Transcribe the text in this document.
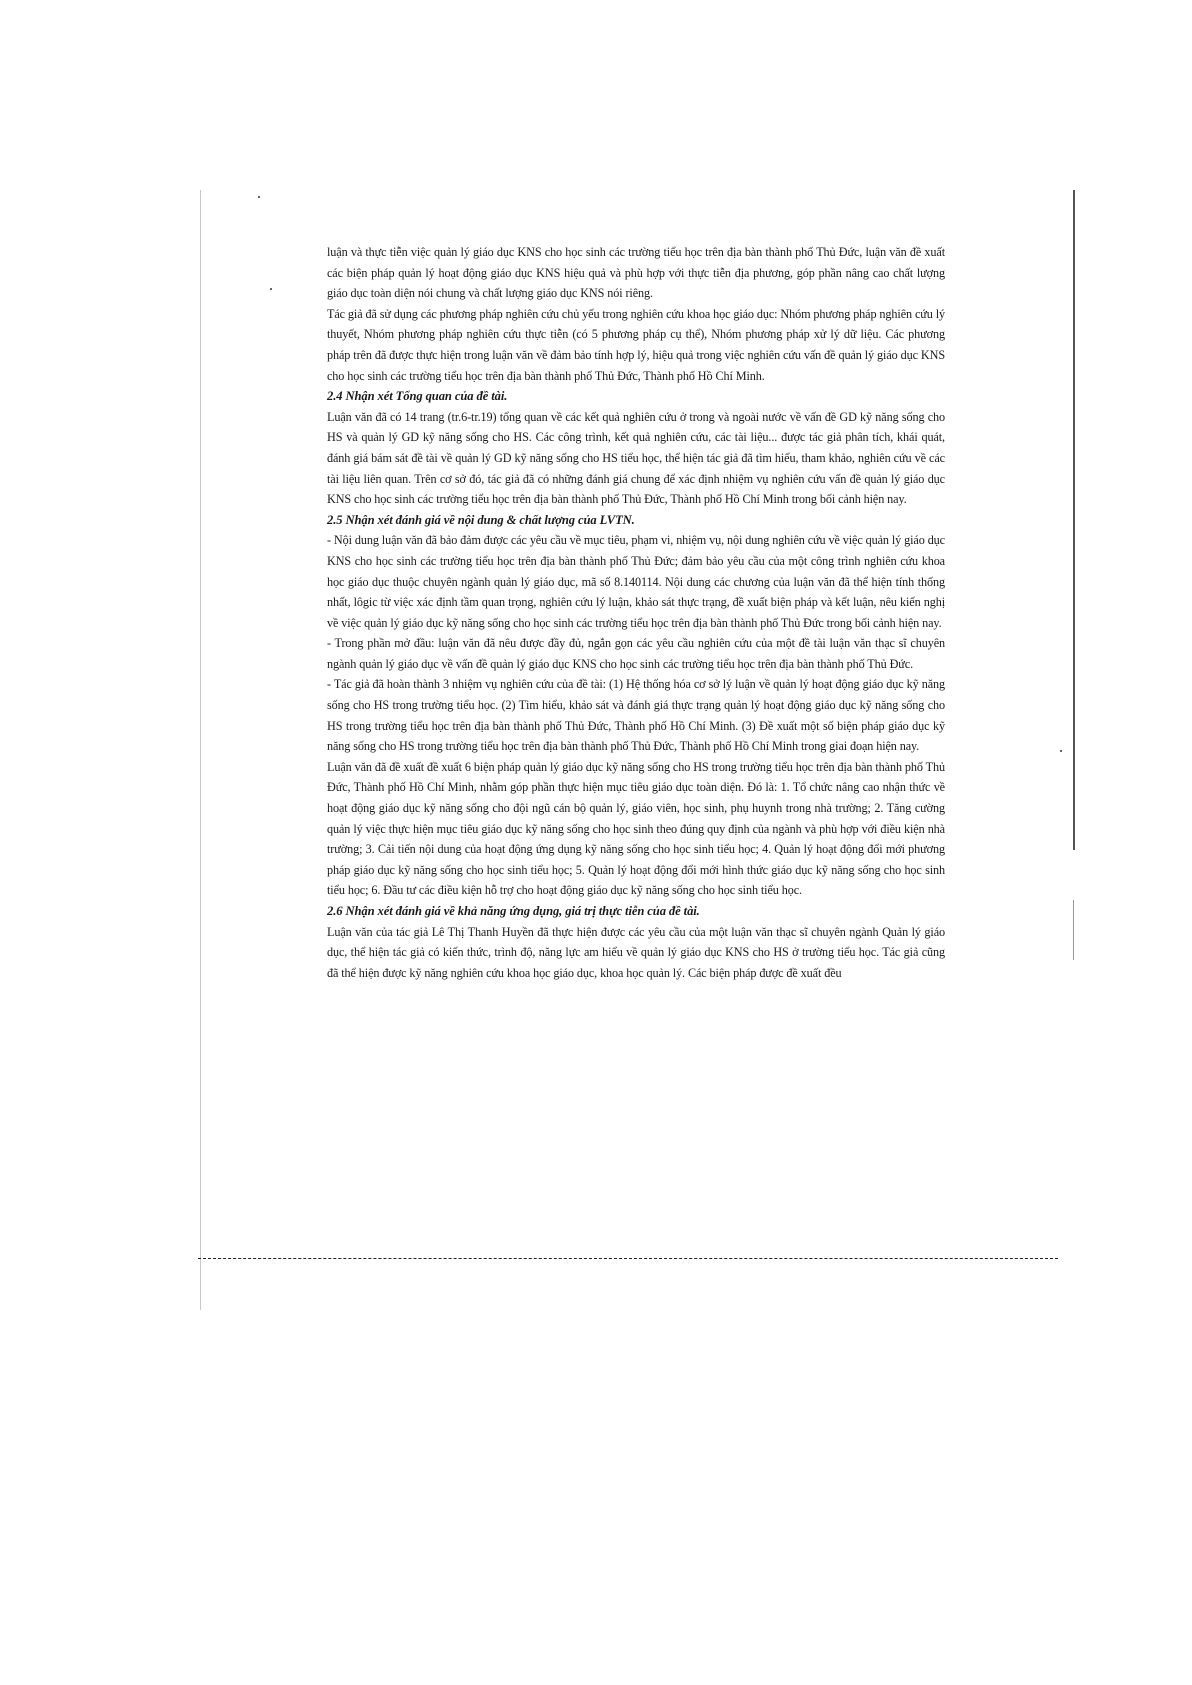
luận và thực tiễn việc quản lý giáo dục KNS cho học sinh các trường tiểu học trên địa bàn thành phố Thủ Đức, luận văn đề xuất các biện pháp quản lý hoạt động giáo dục KNS hiệu quả và phù hợp với thực tiễn địa phương, góp phần nâng cao chất lượng giáo dục toàn diện nói chung và chất lượng giáo dục KNS nói riêng.

Tác giả đã sử dụng các phương pháp nghiên cứu chủ yếu trong nghiên cứu khoa học giáo dục: Nhóm phương pháp nghiên cứu lý thuyết, Nhóm phương pháp nghiên cứu thực tiễn (có 5 phương pháp cụ thể), Nhóm phương pháp xử lý dữ liệu. Các phương pháp trên đã được thực hiện trong luận văn về đảm bảo tính hợp lý, hiệu quả trong việc nghiên cứu vấn đề quản lý giáo dục KNS cho học sinh các trường tiểu học trên địa bàn thành phố Thủ Đức, Thành phố Hồ Chí Minh.

2.4 Nhận xét Tổng quan của đề tài.

Luận văn đã có 14 trang (tr.6-tr.19) tổng quan về các kết quả nghiên cứu ở trong và ngoài nước về vấn đề GD kỹ năng sống cho HS và quản lý GD kỹ năng sống cho HS. Các công trình, kết quả nghiên cứu, các tài liệu... được tác giả phân tích, khái quát, đánh giá bám sát đề tài về quản lý GD kỹ năng sống cho HS tiểu học, thể hiện tác giả đã tìm hiểu, tham khảo, nghiên cứu về các tài liệu liên quan. Trên cơ sở đó, tác giả đã có những đánh giá chung để xác định nhiệm vụ nghiên cứu vấn đề quản lý giáo dục KNS cho học sinh các trường tiểu học trên địa bàn thành phố Thủ Đức, Thành phố Hồ Chí Minh trong bối cảnh hiện nay.

2.5 Nhận xét đánh giá về nội dung & chất lượng của LVTN.

- Nội dung luận văn đã bảo đảm được các yêu cầu về mục tiêu, phạm vi, nhiệm vụ, nội dung nghiên cứu về việc quản lý giáo dục KNS cho học sinh các trường tiểu học trên địa bàn thành phố Thủ Đức; đảm bảo yêu cầu của một công trình nghiên cứu khoa học giáo dục thuộc chuyên ngành quản lý giáo dục, mã số 8.140114. Nội dung các chương của luận văn đã thể hiện tính thống nhất, lôgic từ việc xác định tầm quan trọng, nghiên cứu lý luận, khảo sát thực trạng, đề xuất biện pháp và kết luận, nêu kiến nghị về việc quản lý giáo dục kỹ năng sống cho học sinh các trường tiểu học trên địa bàn thành phố Thủ Đức trong bối cảnh hiện nay.

- Trong phần mở đầu: luận văn đã nêu được đầy đủ, ngắn gọn các yêu cầu nghiên cứu của một đề tài luận văn thạc sĩ chuyên ngành quản lý giáo dục về vấn đề quản lý giáo dục KNS cho học sinh các trường tiểu học trên địa bàn thành phố Thủ Đức.

- Tác giả đã hoàn thành 3 nhiệm vụ nghiên cứu của đề tài: (1) Hệ thống hóa cơ sở lý luận về quản lý hoạt động giáo dục kỹ năng sống cho HS trong trường tiểu học. (2) Tìm hiểu, khảo sát và đánh giá thực trạng quản lý hoạt động giáo dục kỹ năng sống cho HS trong trường tiểu học trên địa bàn thành phố Thủ Đức, Thành phố Hồ Chí Minh. (3) Đề xuất một số biện pháp giáo dục kỹ năng sống cho HS trong trường tiểu học trên địa bàn thành phố Thủ Đức, Thành phố Hồ Chí Minh trong giai đoạn hiện nay.

Luận văn đã đề xuất đề xuất 6 biện pháp quản lý giáo dục kỹ năng sống cho HS trong trường tiểu học trên địa bàn thành phố Thủ Đức, Thành phố Hồ Chí Minh, nhằm góp phần thực hiện mục tiêu giáo dục toàn diện. Đó là: 1. Tổ chức nâng cao nhận thức về hoạt động giáo dục kỹ năng sống cho đội ngũ cán bộ quản lý, giáo viên, học sinh, phụ huynh trong nhà trường; 2. Tăng cường quản lý việc thực hiện mục tiêu giáo dục kỹ năng sống cho học sinh theo đúng quy định của ngành và phù hợp với điều kiện nhà trường; 3. Cải tiến nội dung của hoạt động ứng dụng kỹ năng sống cho học sinh tiểu học; 4. Quản lý hoạt động đổi mới phương pháp giáo dục kỹ năng sống cho học sinh tiểu học; 5. Quản lý hoạt động đổi mới hình thức giáo dục kỹ năng sống cho học sinh tiểu học; 6. Đầu tư các điều kiện hỗ trợ cho hoạt động giáo dục kỹ năng sống cho học sinh tiểu học.

2.6 Nhận xét đánh giá về khả năng ứng dụng, giá trị thực tiễn của đề tài.

Luận văn của tác giả Lê Thị Thanh Huyền đã thực hiện được các yêu cầu của một luận văn thạc sĩ chuyên ngành Quản lý giáo dục, thể hiện tác giả có kiến thức, trình độ, năng lực am hiểu về quản lý giáo dục KNS cho HS ở trường tiểu học. Tác giả cũng đã thể hiện được kỹ năng nghiên cứu khoa học giáo dục, khoa học quản lý. Các biện pháp được đề xuất đều
